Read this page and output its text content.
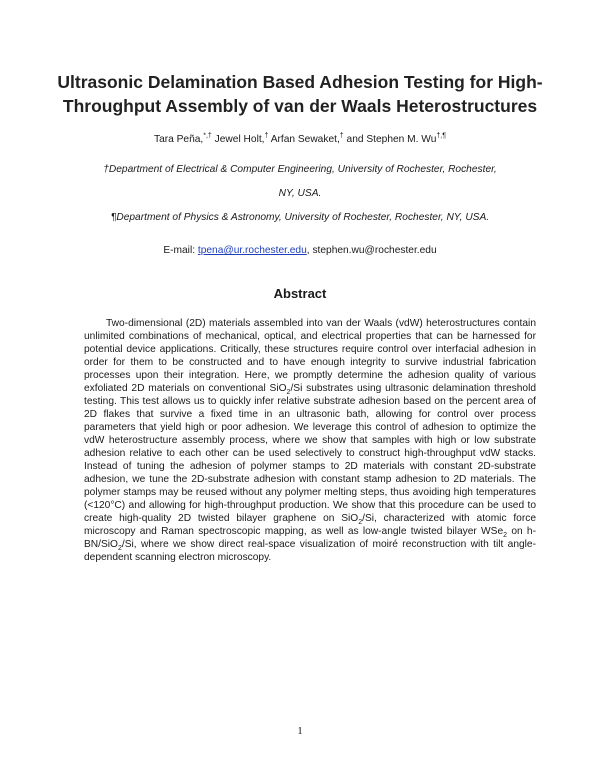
Ultrasonic Delamination Based Adhesion Testing for High-
Throughput Assembly of van der Waals Heterostructures
Tara Peña,*,† Jewel Holt,† Arfan Sewaket,† and Stephen M. Wu†,¶
†Department of Electrical & Computer Engineering, University of Rochester, Rochester,
NY, USA.
¶Department of Physics & Astronomy, University of Rochester, Rochester, NY, USA.
E-mail: tpena@ur.rochester.edu, stephen.wu@rochester.edu
Abstract

Two-dimensional (2D) materials assembled into van der Waals (vdW) heterostructures contain unlimited combinations of mechanical, optical, and electrical properties that can be harnessed for potential device applications. Critically, these structures require control over interfacial adhesion in order for them to be constructed and to have enough integrity to survive industrial fabrication processes upon their integration. Here, we promptly determine the adhesion quality of various exfoliated 2D materials on conventional SiO$_2$/Si substrates using ultrasonic delamination threshold testing. This test allows us to quickly infer relative substrate adhesion based on the percent area of 2D flakes that survive a fixed time in an ultrasonic bath, allowing for control over process parameters that yield high or poor adhesion. We leverage this control of adhesion to optimize the vdW heterostructure assembly process, where we show that samples with high or low substrate adhesion relative to each other can be used selectively to construct high-throughput vdW stacks. Instead of tuning the adhesion of polymer stamps to 2D materials with constant 2D-substrate adhesion, we tune the 2D-substrate adhesion with constant stamp adhesion to 2D materials. The polymer stamps may be reused without any polymer melting steps, thus avoiding high temperatures (<120°C) and allowing for high-throughput production. We show that this procedure can be used to create high-quality 2D twisted bilayer graphene on SiO$_2$/Si, characterized with atomic force microscopy and Raman spectroscopic mapping, as well as low-angle twisted bilayer WSe$_2$ on h-BN/SiO$_2$/Si, where we show direct real-space visualization of moiré reconstruction with tilt angle-dependent scanning electron microscopy.

1
